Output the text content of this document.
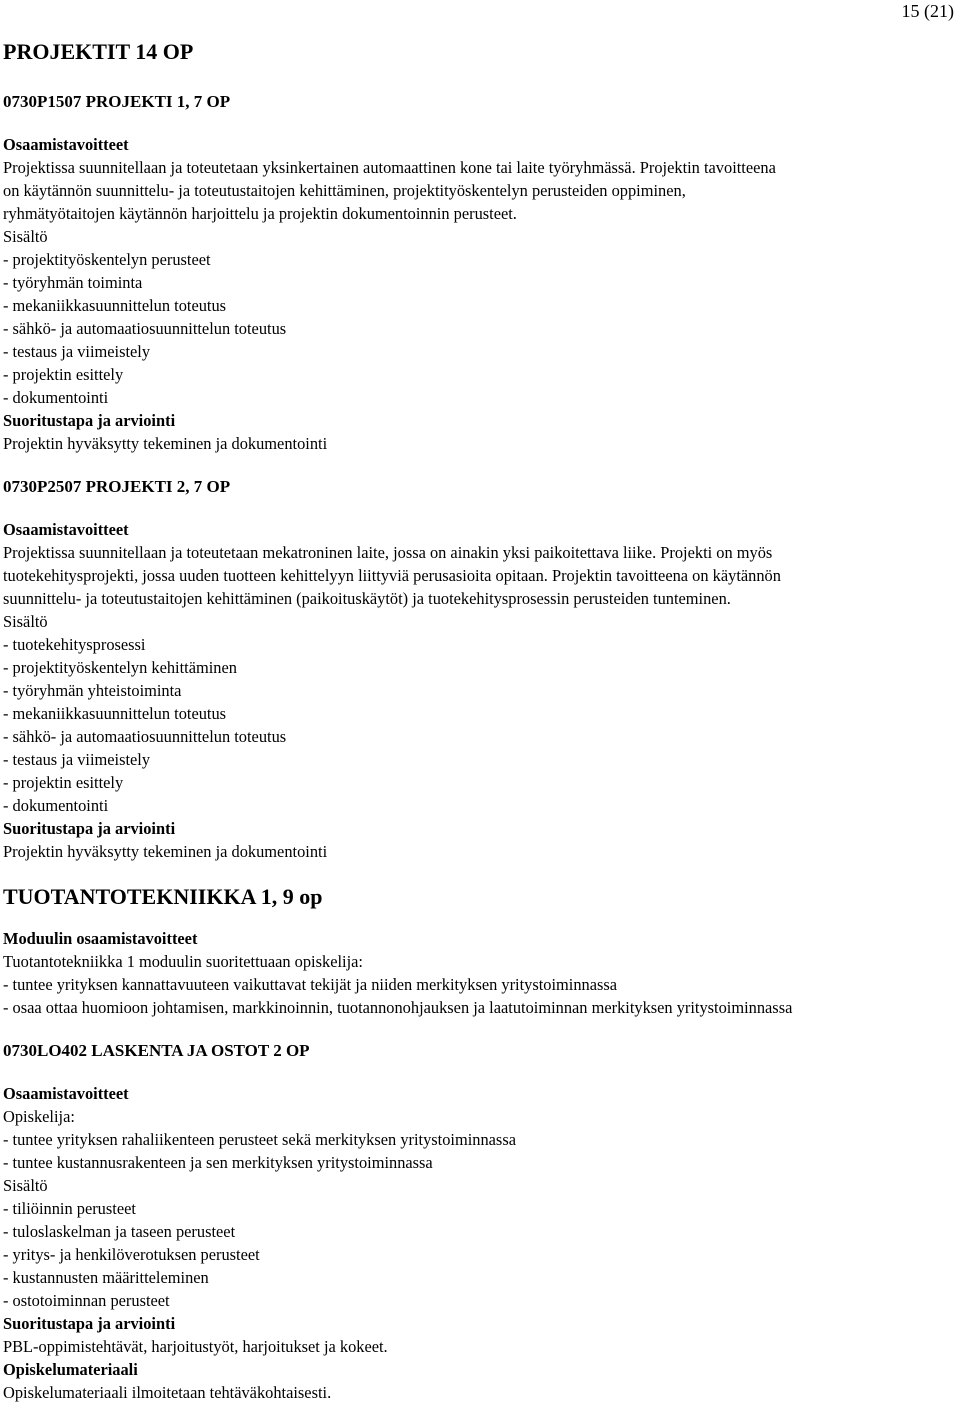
15 (21)

PROJEKTIT 14 OP

0730P1507 PROJEKTI 1, 7 OP

Osaamistavoitteet

Projektissa suunnitellaan ja toteutetaan yksinkertainen automaattinen kone tai laite työryhmässä. Projektin tavoitteena

on käytännön suunnittelu- ja toteutustaitojen kehittäminen, projektityöskentelyn perusteiden oppiminen,

ryhmätyötaitojen käytännön harjoittelu ja projektin dokumentoinnin perusteet.

Sisältö

- projektityöskentelyn perusteet

- työryhmän toiminta

- mekaniikkasuunnittelun toteutus

- sähkö- ja automaatiosuunnittelun toteutus

- testaus ja viimeistely

- projektin esittely

- dokumentointi

Suoritustapa ja arviointi

Projektin hyväksytty tekeminen ja dokumentointi

0730P2507 PROJEKTI 2, 7 OP

Osaamistavoitteet

Projektissa suunnitellaan ja toteutetaan mekatroninen laite, jossa on ainakin yksi paikoitettava liike. Projekti on myös

tuotekehitysprojekti, jossa uuden tuotteen kehittelyyn liittyviä perusasioita opitaan. Projektin tavoitteena on käytännön

suunnittelu- ja toteutustaitojen kehittäminen (paikoituskäytöt) ja tuotekehitysprosessin perusteiden tunteminen.

Sisältö

- tuotekehitysprosessi

- projektityöskentelyn kehittäminen

- työryhmän yhteistoiminta

- mekaniikkasuunnittelun toteutus

- sähkö- ja automaatiosuunnittelun toteutus

- testaus ja viimeistely

- projektin esittely

- dokumentointi

Suoritustapa ja arviointi

Projektin hyväksytty tekeminen ja dokumentointi

TUOTANTOTEKNIIKKA 1, 9 op

Moduulin osaamistavoitteet

Tuotantotekniikka 1 moduulin suoritettuaan opiskelija:

- tuntee yrityksen kannattavuuteen vaikuttavat tekijät ja niiden merkityksen yritystoiminnassa

- osaa ottaa huomioon johtamisen, markkinoinnin, tuotannonohjauksen ja laatutoiminnan merkityksen yritystoiminnassa

0730LO402 LASKENTA JA OSTOT 2 OP

Osaamistavoitteet

Opiskelija:

- tuntee yrityksen rahaliikenteen perusteet sekä merkityksen yritystoiminnassa

- tuntee kustannusrakenteen ja sen merkityksen yritystoiminnassa

Sisältö

- tiliöinnin perusteet

- tuloslaskelman ja taseen perusteet

- yritys- ja henkilöverotuksen perusteet

- kustannusten määritteleminen

- ostotoiminnan perusteet

Suoritustapa ja arviointi

PBL-oppimistehtävät, harjoitustyöt, harjoitukset ja kokeet.

Opiskelumateriaali

Opiskelumateriaali ilmoitetaan tehtäväkohtaisesti.
